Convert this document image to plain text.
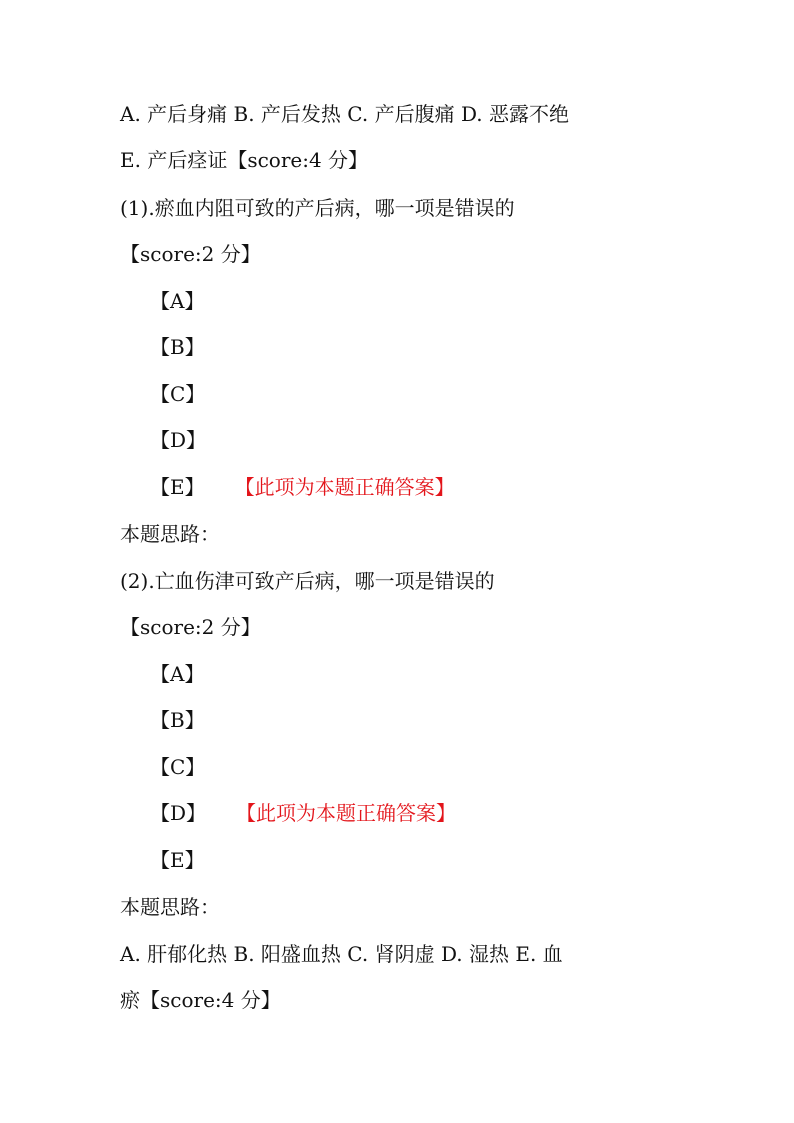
A. 产后身痛 B. 产后发热 C. 产后腹痛 D. 恶露不绝
E. 产后痉证【score:4 分】
(1).瘀血内阻可致的产后病，哪一项是错误的
【score:2 分】
【A】
【B】
【C】
【D】
【E】 【此项为本题正确答案】
本题思路：
(2).亡血伤津可致产后病，哪一项是错误的
【score:2 分】
【A】
【B】
【C】
【D】 【此项为本题正确答案】
【E】
本题思路：
A. 肝郁化热 B. 阳盛血热 C. 肾阴虚 D. 湿热 E. 血
瘀【score:4 分】
